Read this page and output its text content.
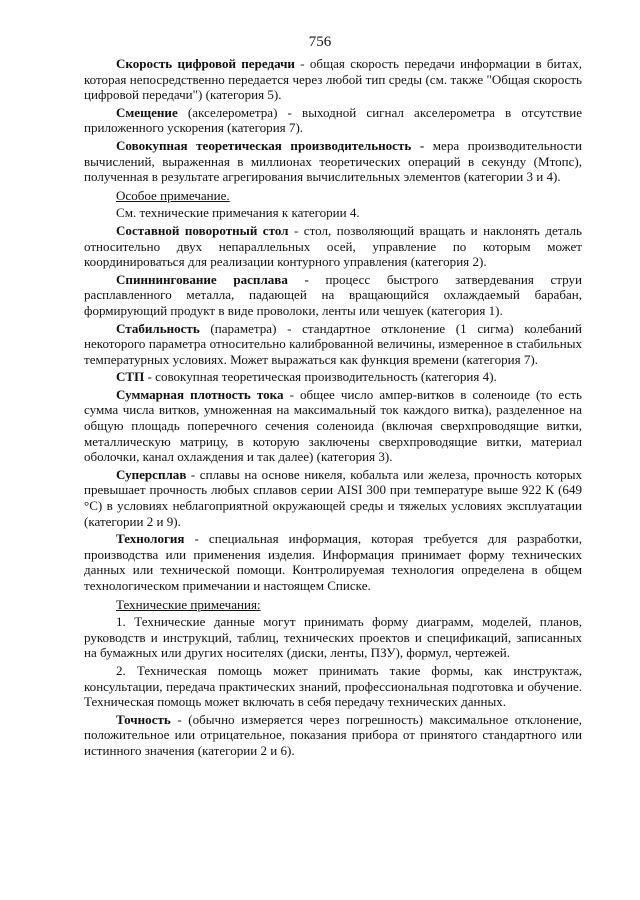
756

Скорость цифровой передачи - общая скорость передачи информации в битах, которая непосредственно передается через любой тип среды (см. также "Общая скорость цифровой передачи") (категория 5).

Смещение (акселерометра) - выходной сигнал акселерометра в отсутствие приложенного ускорения (категория 7).

Совокупная теоретическая производительность - мера производительности вычислений, выраженная в миллионах теоретических операций в секунду (Мтопс), полученная в результате агрегирования вычислительных элементов (категории 3 и 4).

Особое примечание.

См. технические примечания к категории 4.

Составной поворотный стол - стол, позволяющий вращать и наклонять деталь относительно двух непараллельных осей, управление по которым может координироваться для реализации контурного управления (категория 2).

Спиннингование расплава - процесс быстрого затвердевания струи расплавленного металла, падающей на вращающийся охлаждаемый барабан, формирующий продукт в виде проволоки, ленты или чешуек (категория 1).

Стабильность (параметра) - стандартное отклонение (1 сигма) колебаний некоторого параметра относительно калиброванной величины, измеренное в стабильных температурных условиях. Может выражаться как функция времени (категория 7).

СТП - совокупная теоретическая производительность (категория 4).

Суммарная плотность тока - общее число ампер-витков в соленоиде (то есть сумма числа витков, умноженная на максимальный ток каждого витка), разделенное на общую площадь поперечного сечения соленоида (включая сверхпроводящие витки, металлическую матрицу, в которую заключены сверхпроводящие витки, материал оболочки, канал охлаждения и так далее) (категория 3).

Суперсплав - сплавы на основе никеля, кобальта или железа, прочность которых превышает прочность любых сплавов серии AISI 300 при температуре выше 922 К (649 °С) в условиях неблагоприятной окружающей среды и тяжелых условиях эксплуатации (категории 2 и 9).

Технология - специальная информация, которая требуется для разработки, производства или применения изделия. Информация принимает форму технических данных или технической помощи. Контролируемая технология определена в общем технологическом примечании и настоящем Списке.

Технические примечания:

1. Технические данные могут принимать форму диаграмм, моделей, планов, руководств и инструкций, таблиц, технических проектов и спецификаций, записанных на бумажных или других носителях (диски, ленты, ПЗУ), формул, чертежей.

2. Техническая помощь может принимать такие формы, как инструктаж, консультации, передача практических знаний, профессиональная подготовка и обучение. Техническая помощь может включать в себя передачу технических данных.

Точность - (обычно измеряется через погрешность) максимальное отклонение, положительное или отрицательное, показания прибора от принятого стандартного или истинного значения (категории 2 и 6).
